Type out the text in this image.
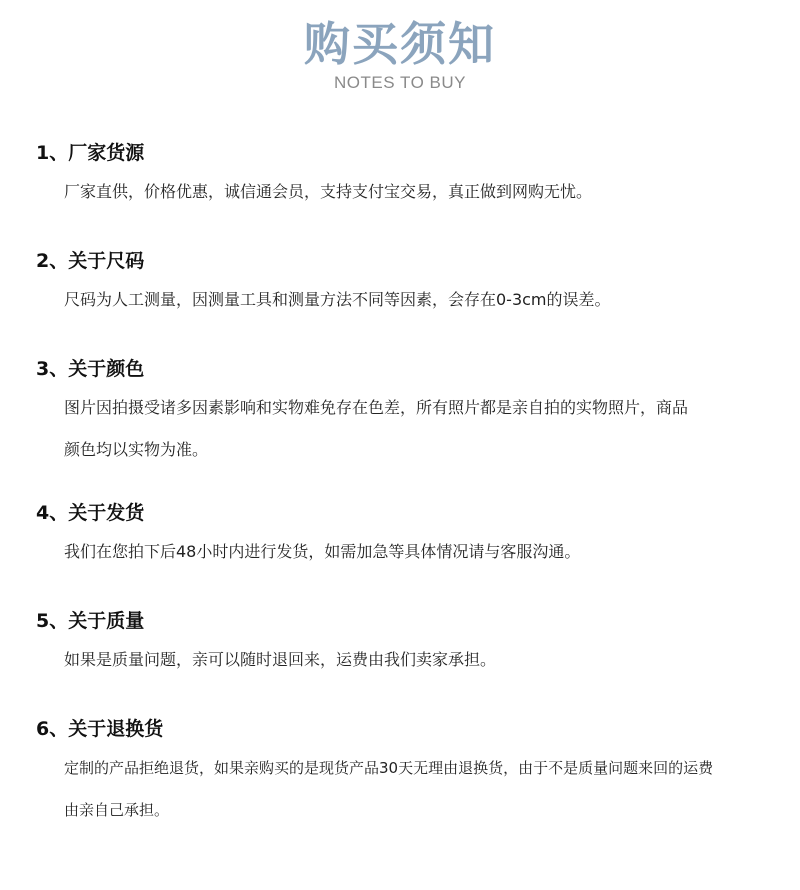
购买须知
NOTES TO BUY
1、厂家货源
厂家直供，价格优惠，诚信通会员，支持支付宝交易，真正做到网购无忧。
2、关于尺码
尺码为人工测量，因测量工具和测量方法不同等因素，会存在0-3cm的误差。
3、关于颜色
图片因拍摄受诸多因素影响和实物难免存在色差，所有照片都是亲自拍的实物照片，商品
颜色均以实物为准。
4、关于发货
我们在您拍下后48小时内进行发货，如需加急等具体情况请与客服沟通。
5、关于质量
如果是质量问题，亲可以随时退回来，运费由我们卖家承担。
6、关于退换货
定制的产品拒绝退货，如果亲购买的是现货产品30天无理由退换货，由于不是质量问题来回的运费
由亲自己承担。
